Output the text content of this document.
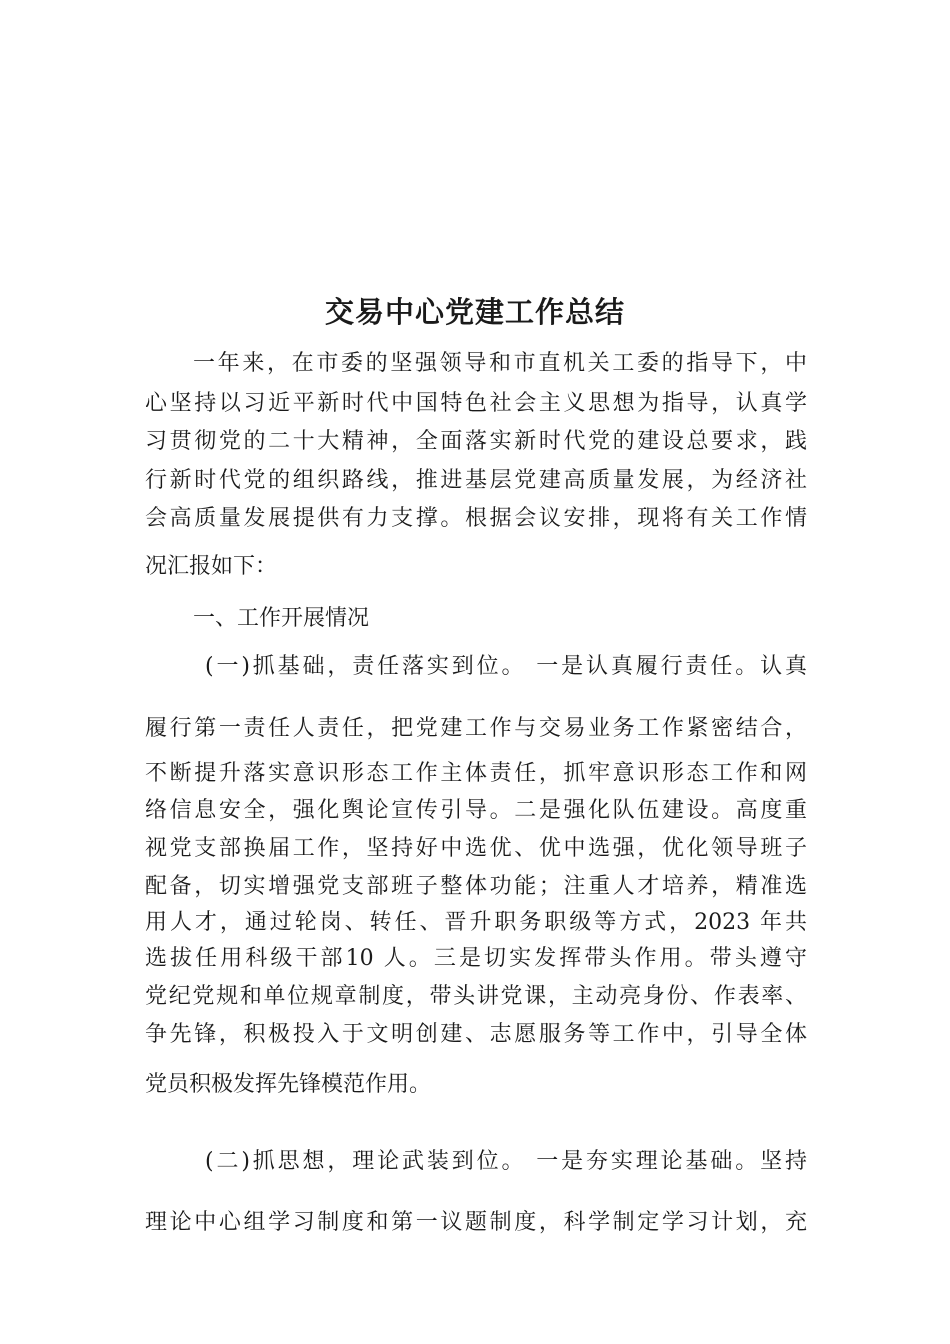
交易中心党建工作总结
一年来，在市委的坚强领导和市直机关工委的指导下，中
心坚持以习近平新时代中国特色社会主义思想为指导，认真学
习贯彻党的二十大精神，全面落实新时代党的建设总要求，践
行新时代党的组织路线，推进基层党建高质量发展，为经济社
会高质量发展提供有力支撑。根据会议安排，现将有关工作情
况汇报如下：
一、工作开展情况
(一)抓基础，责任落实到位。 一是认真履行责任。认真
履行第一责任人责任，把党建工作与交易业务工作紧密结合，
不断提升落实意识形态工作主体责任，抓牢意识形态工作和网
络信息安全，强化舆论宣传引导。二是强化队伍建设。高度重
视党支部换届工作，坚持好中选优、优中选强，优化领导班子
配备，切实增强党支部班子整体功能；注重人才培养，精准选
用人才，通过轮岗、转任、晋升职务职级等方式，2023 年共
选拔任用科级干部10 人。三是切实发挥带头作用。带头遵守
党纪党规和单位规章制度，带头讲党课，主动亮身份、作表率、
争先锋，积极投入于文明创建、志愿服务等工作中，引导全体
党员积极发挥先锋模范作用。
(二)抓思想，理论武装到位。 一是夯实理论基础。坚持
理论中心组学习制度和第一议题制度，科学制定学习计划，充
